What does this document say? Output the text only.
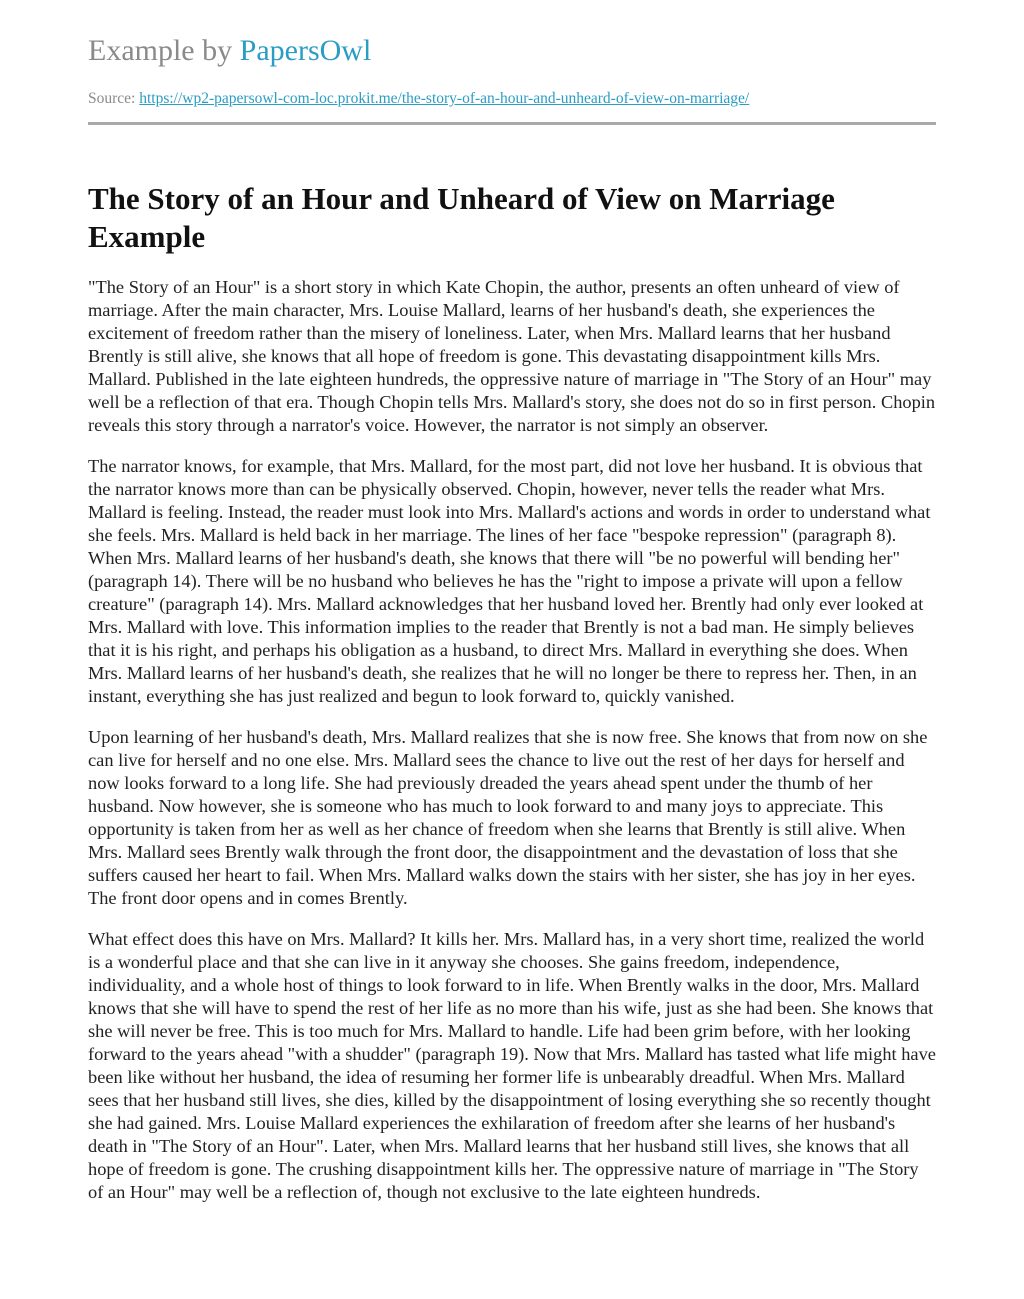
Example by PapersOwl
Source: https://wp2-papersowl-com-loc.prokit.me/the-story-of-an-hour-and-unheard-of-view-on-marriage/
The Story of an Hour and Unheard of View on Marriage Example

"The Story of an Hour" is a short story in which Kate Chopin, the author, presents an often unheard of view of marriage. After the main character, Mrs. Louise Mallard, learns of her husband's death, she experiences the excitement of freedom rather than the misery of loneliness. Later, when Mrs. Mallard learns that her husband Brently is still alive, she knows that all hope of freedom is gone. This devastating disappointment kills Mrs. Mallard. Published in the late eighteen hundreds, the oppressive nature of marriage in "The Story of an Hour" may well be a reflection of that era. Though Chopin tells Mrs. Mallard's story, she does not do so in first person. Chopin reveals this story through a narrator's voice. However, the narrator is not simply an observer.

The narrator knows, for example, that Mrs. Mallard, for the most part, did not love her husband. It is obvious that the narrator knows more than can be physically observed. Chopin, however, never tells the reader what Mrs. Mallard is feeling. Instead, the reader must look into Mrs. Mallard's actions and words in order to understand what she feels. Mrs. Mallard is held back in her marriage. The lines of her face "bespoke repression" (paragraph 8). When Mrs. Mallard learns of her husband's death, she knows that there will "be no powerful will bending her" (paragraph 14). There will be no husband who believes he has the "right to impose a private will upon a fellow creature" (paragraph 14). Mrs. Mallard acknowledges that her husband loved her. Brently had only ever looked at Mrs. Mallard with love. This information implies to the reader that Brently is not a bad man. He simply believes that it is his right, and perhaps his obligation as a husband, to direct Mrs. Mallard in everything she does. When Mrs. Mallard learns of her husband's death, she realizes that he will no longer be there to repress her. Then, in an instant, everything she has just realized and begun to look forward to, quickly vanished.

Upon learning of her husband's death, Mrs. Mallard realizes that she is now free. She knows that from now on she can live for herself and no one else. Mrs. Mallard sees the chance to live out the rest of her days for herself and now looks forward to a long life. She had previously dreaded the years ahead spent under the thumb of her husband. Now however, she is someone who has much to look forward to and many joys to appreciate. This opportunity is taken from her as well as her chance of freedom when she learns that Brently is still alive. When Mrs. Mallard sees Brently walk through the front door, the disappointment and the devastation of loss that she suffers caused her heart to fail. When Mrs. Mallard walks down the stairs with her sister, she has joy in her eyes. The front door opens and in comes Brently.

What effect does this have on Mrs. Mallard? It kills her. Mrs. Mallard has, in a very short time, realized the world is a wonderful place and that she can live in it anyway she chooses. She gains freedom, independence, individuality, and a whole host of things to look forward to in life. When Brently walks in the door, Mrs. Mallard knows that she will have to spend the rest of her life as no more than his wife, just as she had been. She knows that she will never be free. This is too much for Mrs. Mallard to handle. Life had been grim before, with her looking forward to the years ahead "with a shudder" (paragraph 19). Now that Mrs. Mallard has tasted what life might have been like without her husband, the idea of resuming her former life is unbearably dreadful. When Mrs. Mallard sees that her husband still lives, she dies, killed by the disappointment of losing everything she so recently thought she had gained. Mrs. Louise Mallard experiences the exhilaration of freedom after she learns of her husband's death in "The Story of an Hour". Later, when Mrs. Mallard learns that her husband still lives, she knows that all hope of freedom is gone. The crushing disappointment kills her. The oppressive nature of marriage in "The Story of an Hour" may well be a reflection of, though not exclusive to the late eighteen hundreds.
